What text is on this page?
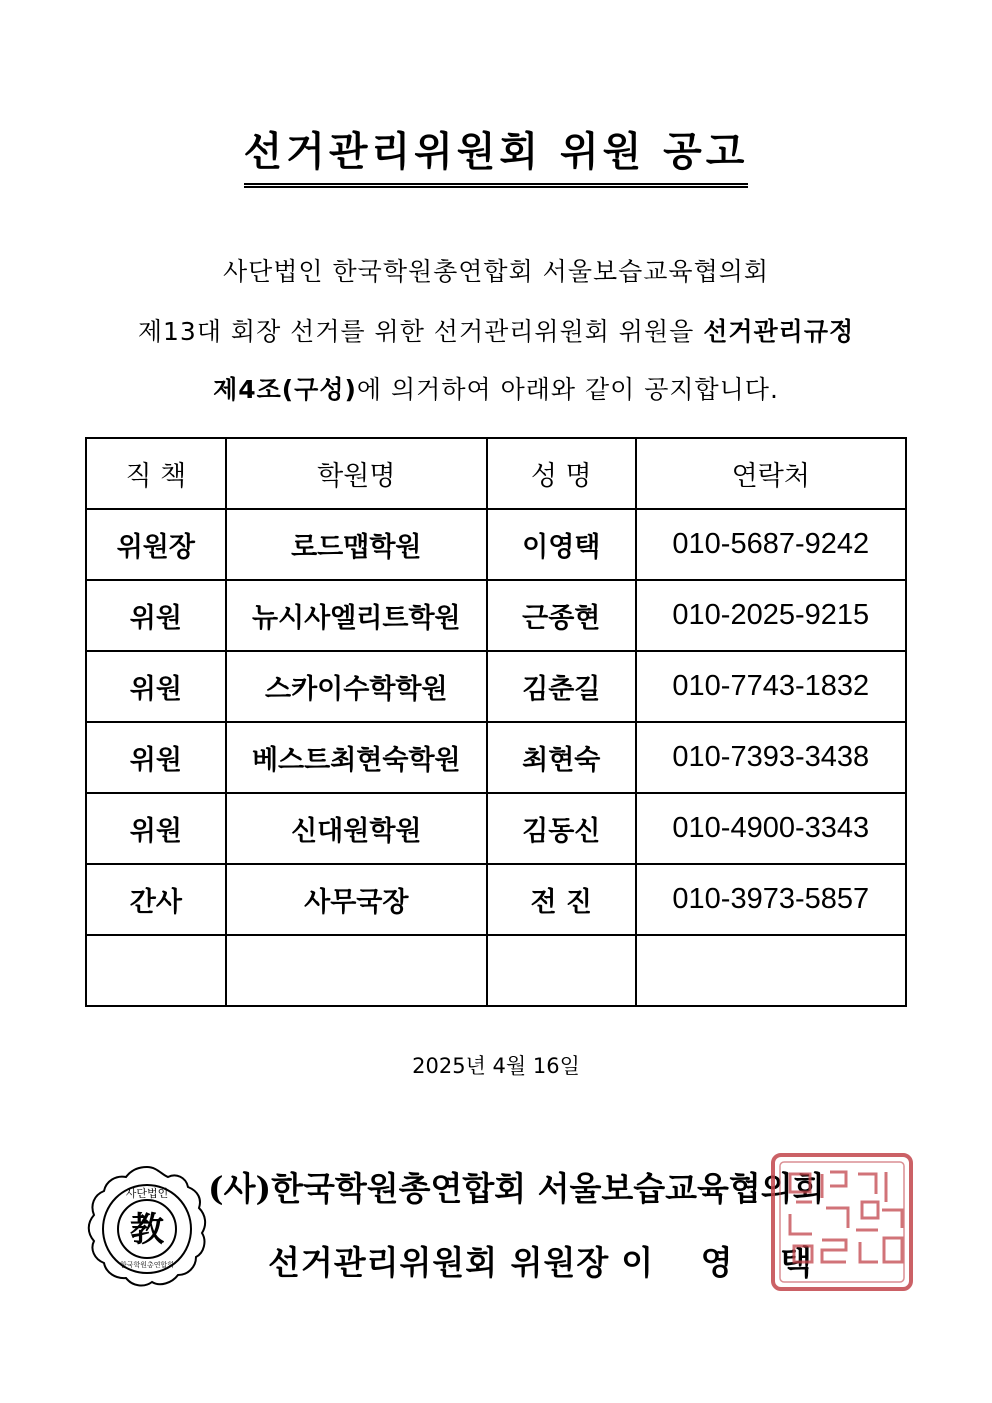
선거관리위원회 위원 공고
사단법인 한국학원총연합회 서울보습교육협의회
제13대 회장 선거를 위한 선거관리위원회 위원을 선거관리규정
제4조(구성)에 의거하여 아래와 같이 공지합니다.
직 책	학원명	성 명	연락처
위원장	로드맵학원	이영택	010-5687-9242
위원	뉴시사엘리트학원	근종현	010-2025-9215
위원	스카이수학학원	김춘길	010-7743-1832
위원	베스트최현숙학원	최현숙	010-7393-3438
위원	신대원학원	김동신	010-4900-3343
간사	사무국장	전 진	010-3973-5857

2025년 4월 16일
사단법인
教
한국학원총연합회
(사)한국학원총연합회 서울보습교육협의회
선거관리위원회 위원장 이 영 택
